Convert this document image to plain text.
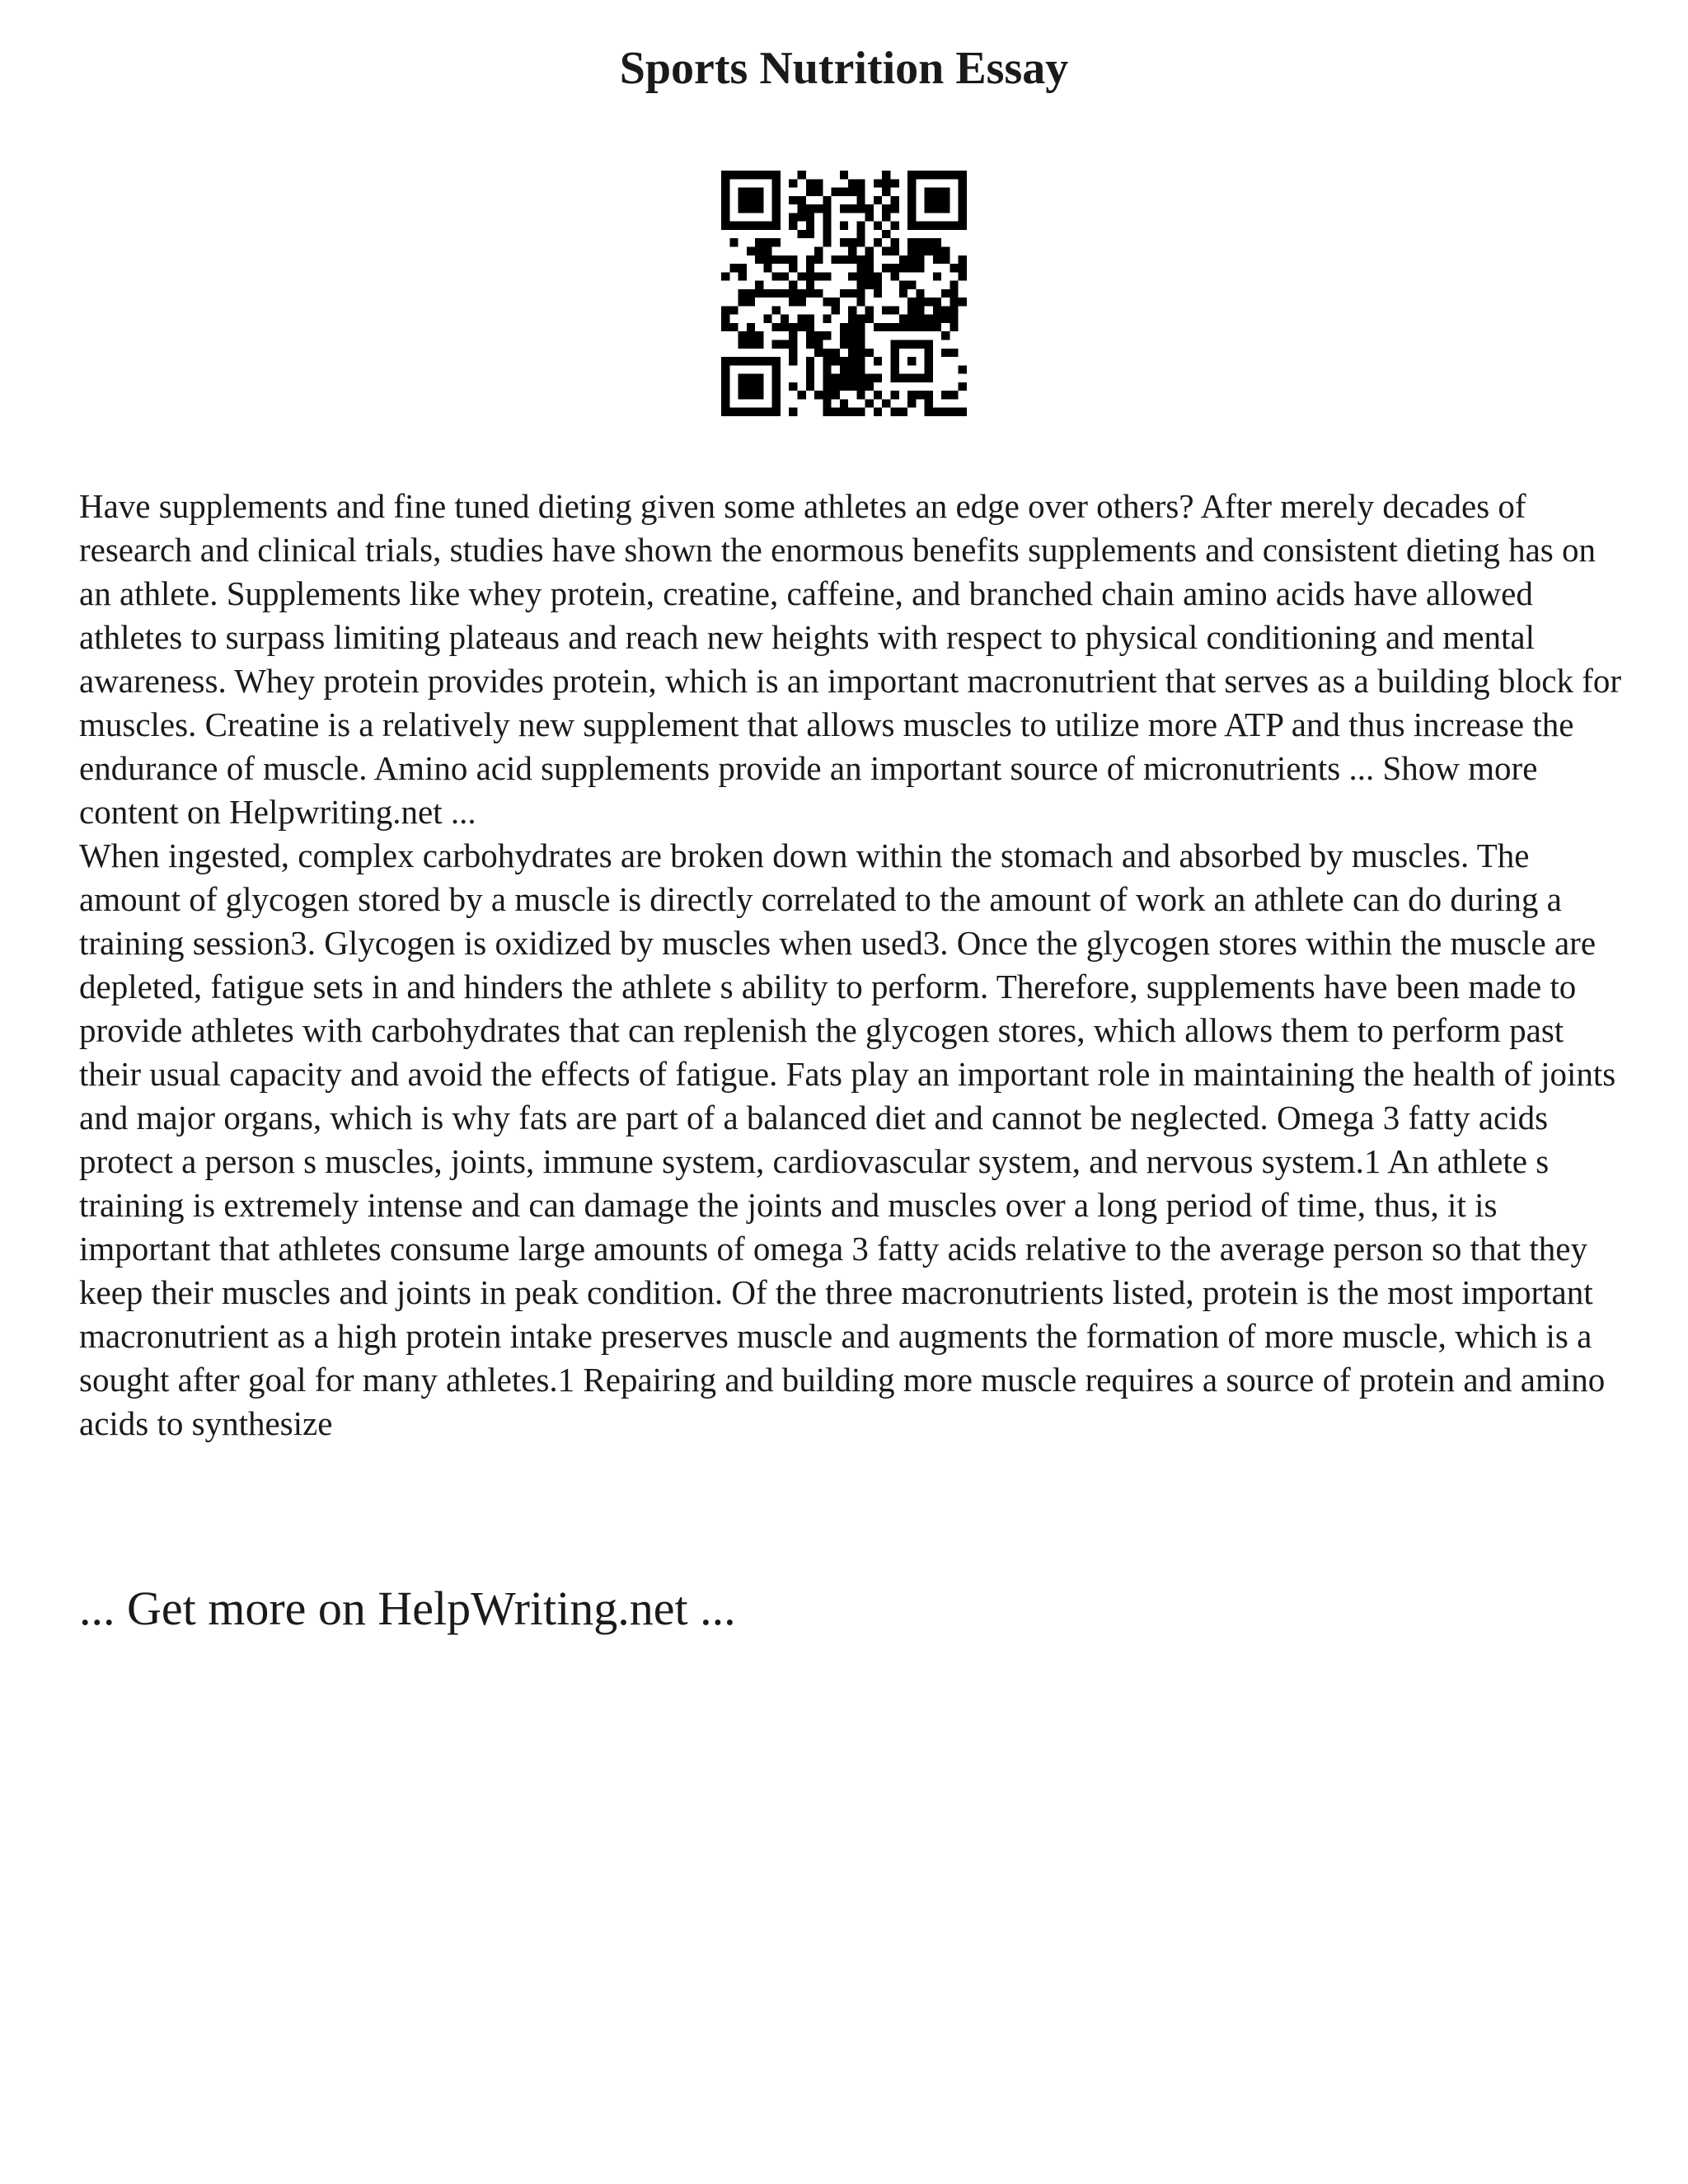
Sports Nutrition Essay

Have supplements and fine tuned dieting given some athletes an edge over others? After merely decades of research and clinical trials, studies have shown the enormous benefits supplements and consistent dieting has on an athlete. Supplements like whey protein, creatine, caffeine, and branched chain amino acids have allowed athletes to surpass limiting plateaus and reach new heights with respect to physical conditioning and mental awareness. Whey protein provides protein, which is an important macronutrient that serves as a building block for muscles. Creatine is a relatively new supplement that allows muscles to utilize more ATP and thus increase the endurance of muscle. Amino acid supplements provide an important source of micronutrients ... Show more content on Helpwriting.net ...

When ingested, complex carbohydrates are broken down within the stomach and absorbed by muscles. The amount of glycogen stored by a muscle is directly correlated to the amount of work an athlete can do during a training session3. Glycogen is oxidized by muscles when used3. Once the glycogen stores within the muscle are depleted, fatigue sets in and hinders the athlete s ability to perform. Therefore, supplements have been made to provide athletes with carbohydrates that can replenish the glycogen stores, which allows them to perform past their usual capacity and avoid the effects of fatigue. Fats play an important role in maintaining the health of joints and major organs, which is why fats are part of a balanced diet and cannot be neglected. Omega 3 fatty acids protect a person s muscles, joints, immune system, cardiovascular system, and nervous system.1 An athlete s training is extremely intense and can damage the joints and muscles over a long period of time, thus, it is important that athletes consume large amounts of omega 3 fatty acids relative to the average person so that they keep their muscles and joints in peak condition. Of the three macronutrients listed, protein is the most important macronutrient as a high protein intake preserves muscle and augments the formation of more muscle, which is a sought after goal for many athletes.1 Repairing and building more muscle requires a source of protein and amino acids to synthesize

... Get more on HelpWriting.net ...
